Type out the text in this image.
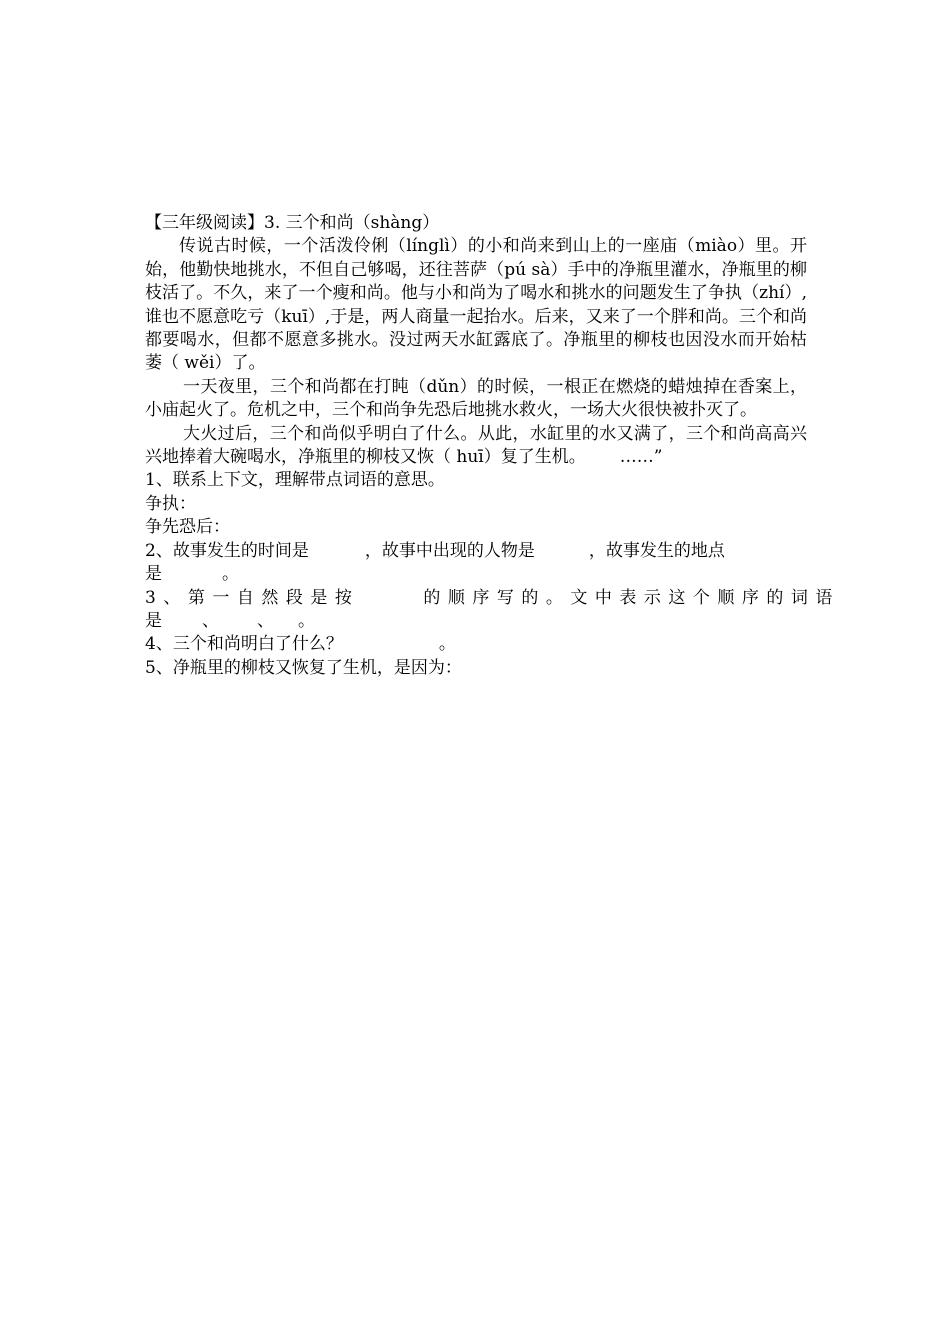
【三年级阅读】3. 三个和尚（shàng）

传说古时候，一个活泼伶俐（línglì）的小和尚来到山上的一座庙（miào）里。开始，他勤快地挑水，不但自己够喝，还往菩萨（pú sà）手中的净瓶里灌水，净瓶里的柳枝活了。不久，来了一个瘦和尚。他与小和尚为了喝水和挑水的问题发生了争执（zhí）,谁也不愿意吃亏（kuī）,于是，两人商量一起抬水。后来，又来了一个胖和尚。三个和尚都要喝水，但都不愿意多挑水。没过两天水缸露底了。净瓶里的柳枝也因没水而开始枯萎（ wěi）了。

一天夜里，三个和尚都在打盹（dǔn）的时候，一根正在燃烧的蜡烛掉在香案上，小庙起火了。危机之中，三个和尚争先恐后地挑水救火，一场大火很快被扑灭了。

大火过后，三个和尚似乎明白了什么。从此，水缸里的水又满了，三个和尚高高兴兴地捧着大碗喝水，净瓶里的柳枝又恢（ huī）复了生机。 ……”

1、联系上下文，理解带点词语的意思。
争执：
争先恐后：
2、故事发生的时间是	，故事中出现的人物是	，故事发生的地点
是	。
3、第一自然段是按	的顺序写的。文中表示这个顺序的词语
是 、 、 。
4、三个和尚明白了什么？	。
5、净瓶里的柳枝又恢复了生机，是因为：
